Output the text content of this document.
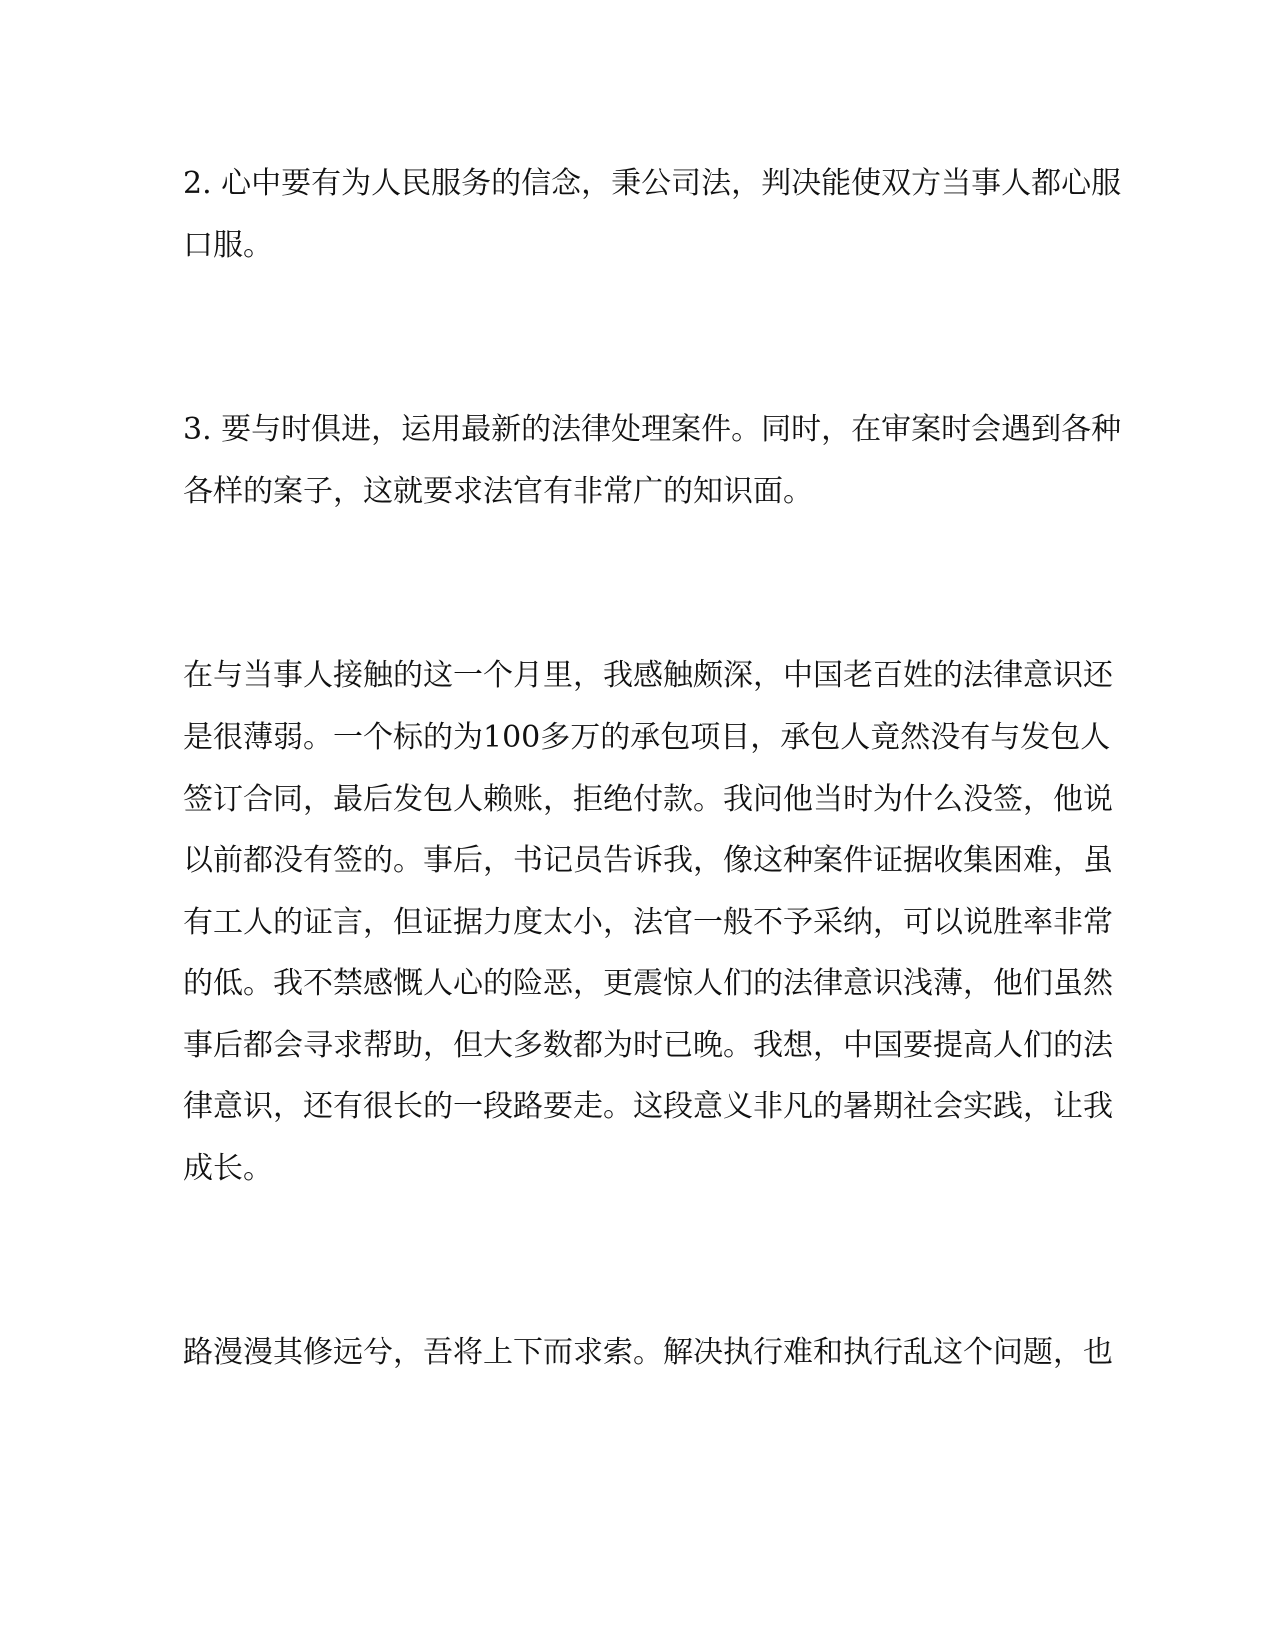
2. 心中要有为人民服务的信念，秉公司法，判决能使双方当事人都心服
口服。
3. 要与时俱进，运用最新的法律处理案件。同时，在审案时会遇到各种
各样的案子，这就要求法官有非常广的知识面。
在与当事人接触的这一个月里，我感触颇深，中国老百姓的法律意识还
是很薄弱。一个标的为100多万的承包项目，承包人竟然没有与发包人
签订合同，最后发包人赖账，拒绝付款。我问他当时为什么没签，他说
以前都没有签的。事后，书记员告诉我，像这种案件证据收集困难，虽
有工人的证言，但证据力度太小，法官一般不予采纳，可以说胜率非常
的低。我不禁感慨人心的险恶，更震惊人们的法律意识浅薄，他们虽然
事后都会寻求帮助，但大多数都为时已晚。我想，中国要提高人们的法
律意识，还有很长的一段路要走。这段意义非凡的暑期社会实践，让我
成长。
路漫漫其修远兮，吾将上下而求索。解决执行难和执行乱这个问题，也
